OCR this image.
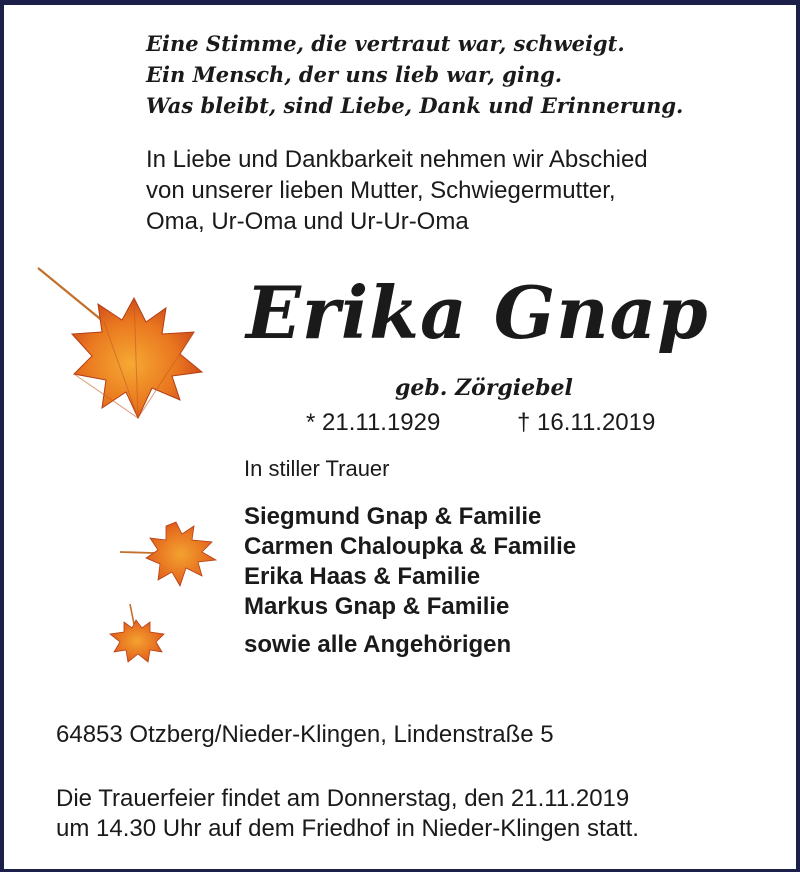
Eine Stimme, die vertraut war, schweigt.
Ein Mensch, der uns lieb war, ging.
Was bleibt, sind Liebe, Dank und Erinnerung.
In Liebe und Dankbarkeit nehmen wir Abschied
von unserer lieben Mutter, Schwiegermutter,
Oma, Ur-Oma und Ur-Ur-Oma
Erika Gnap
geb. Zörgiebel
* 21.11.1929	† 16.11.2019
In stiller Trauer
Siegmund Gnap & Familie
Carmen Chaloupka & Familie
Erika Haas & Familie
Markus Gnap & Familie
sowie alle Angehörigen
64853 Otzberg/Nieder-Klingen, Lindenstraße 5
Die Trauerfeier findet am Donnerstag, den 21.11.2019
um 14.30 Uhr auf dem Friedhof in Nieder-Klingen statt.
